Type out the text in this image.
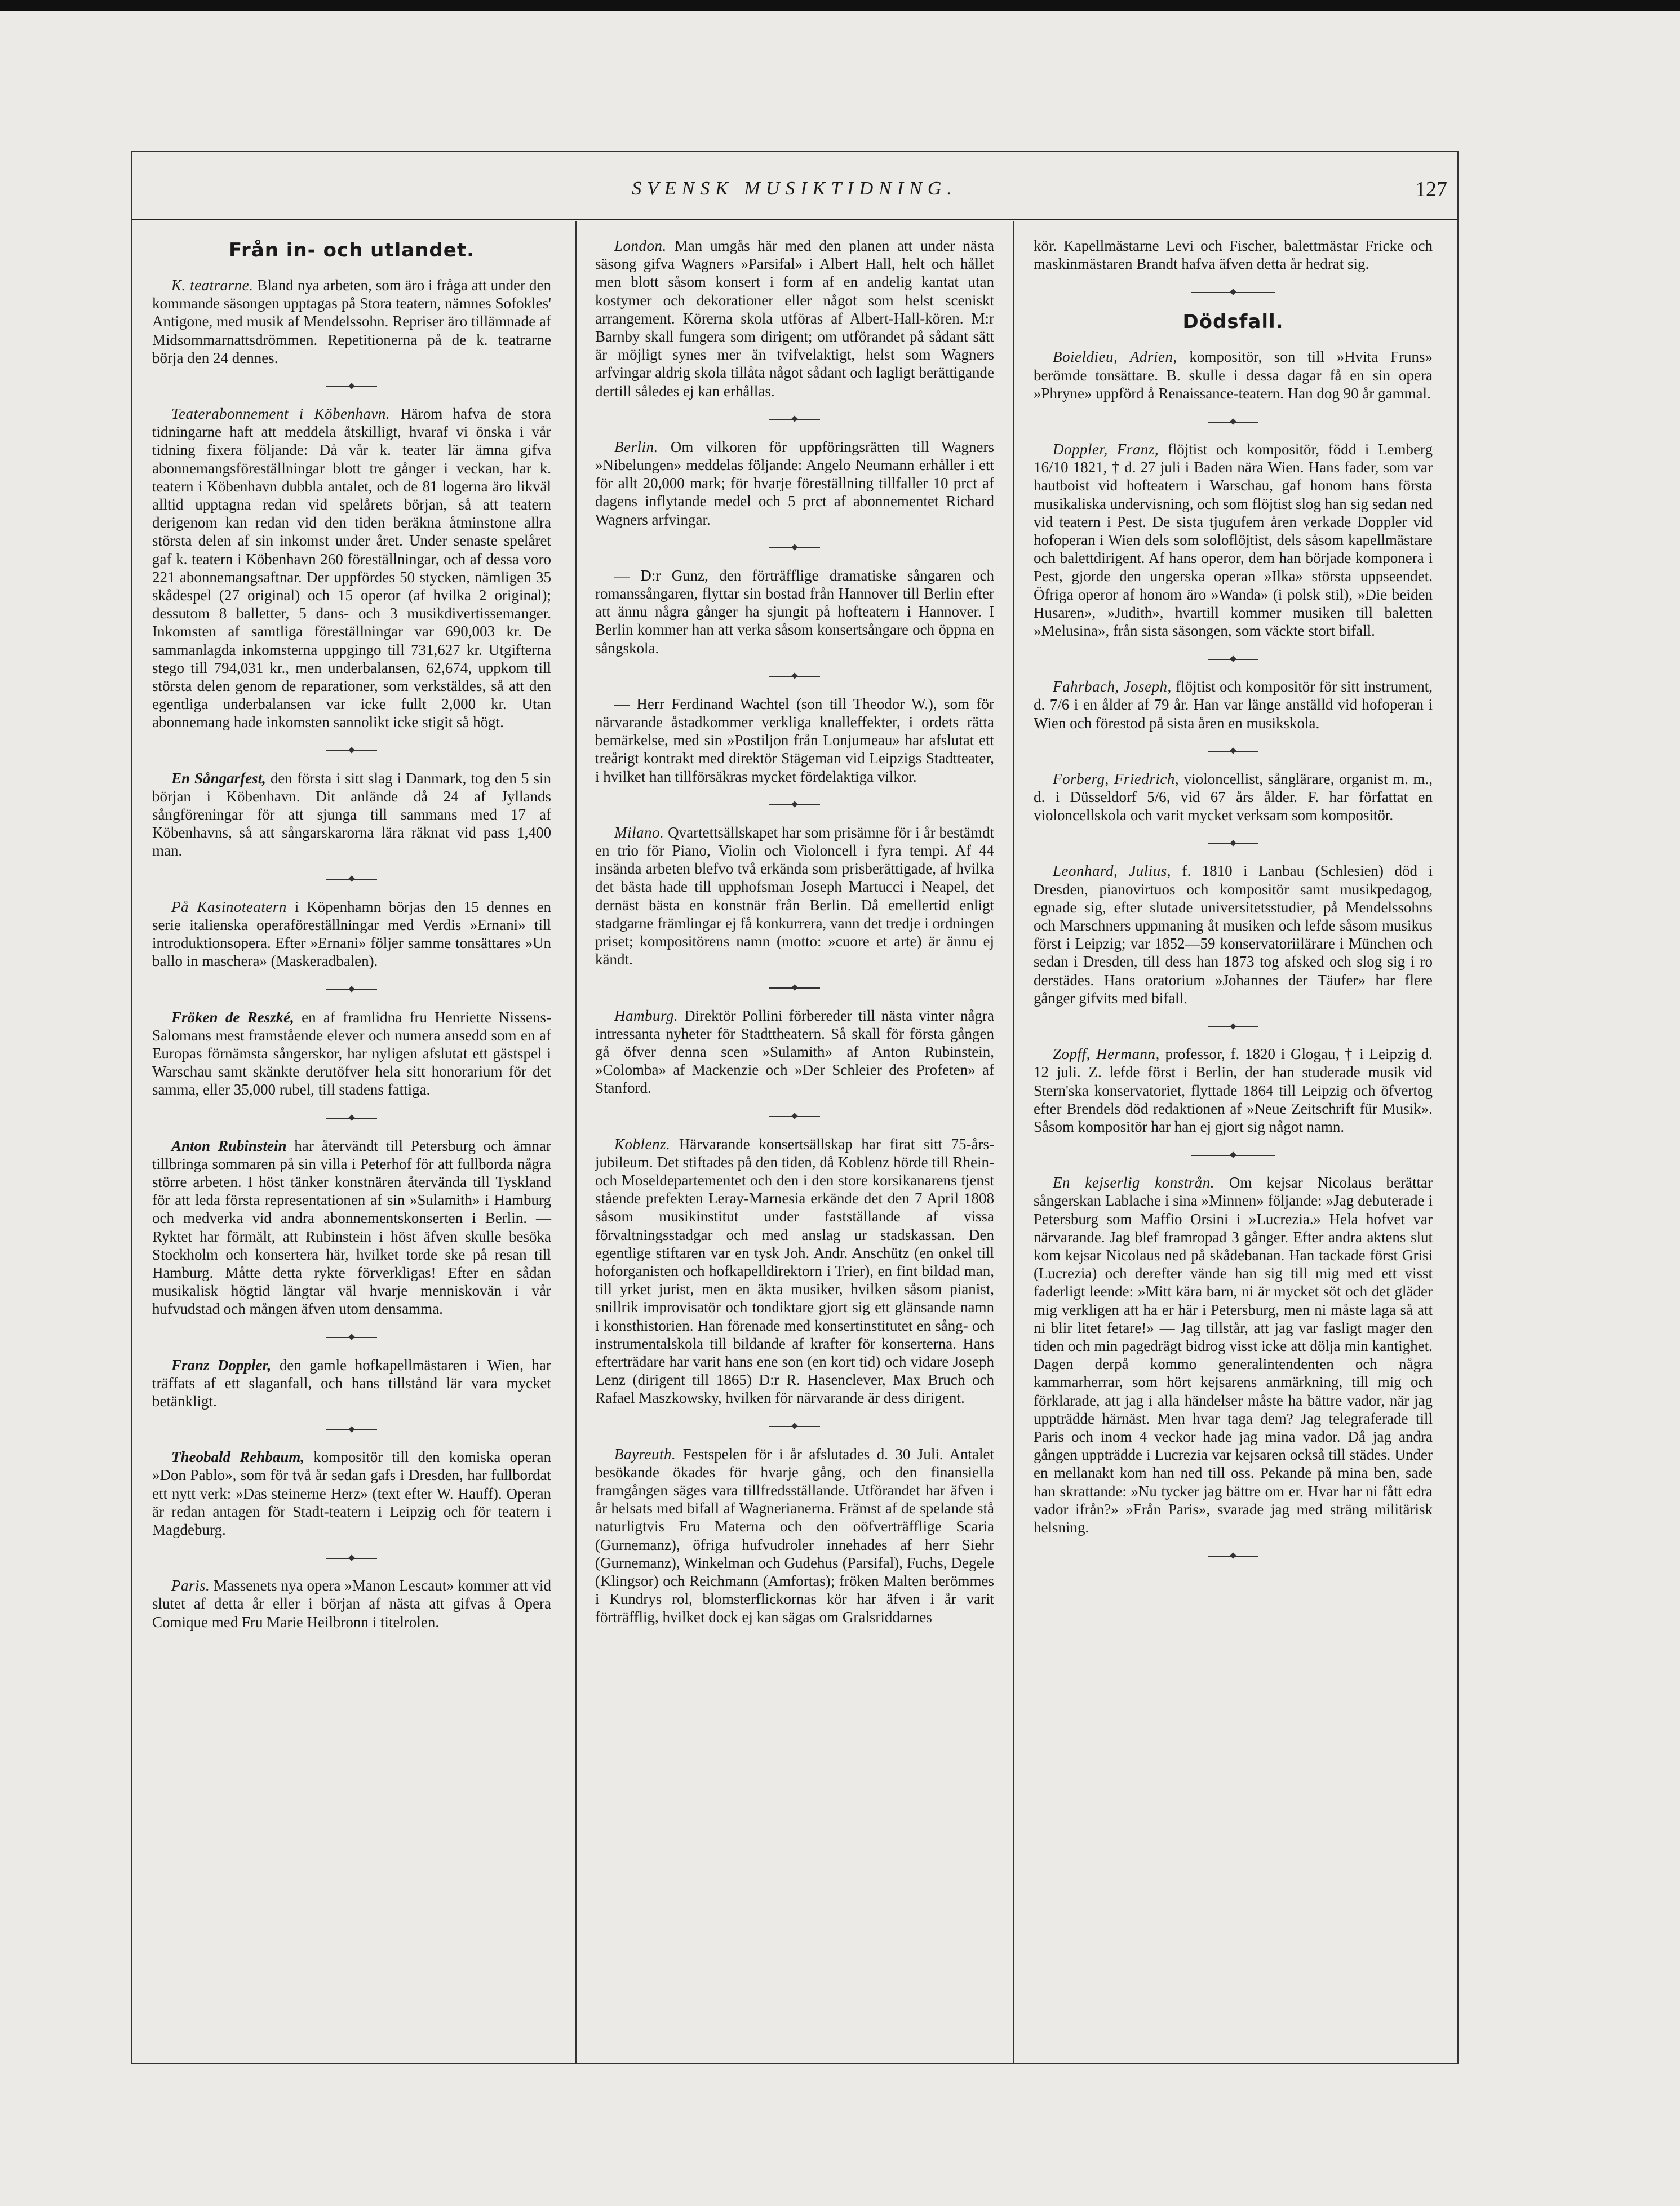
SVENSK MUSIKTIDNING.	127
Från in- och utlandet.

K. teatrarne. Bland nya arbeten, som äro i fråga att under den kommande säsongen upptagas på Stora teatern, nämnes Sofokles' Antigone, med musik af Mendelssohn. Repriser äro tillämnade af Midsommarnattsdrömmen. Repetitionerna på de k. teatrarne börja den 24 dennes.

Teaterabonnement i Köbenhavn. Härom hafva de stora tidningarne haft att meddela åtskilligt, hvaraf vi önska i vår tidning fixera följande: Då vår k. teater lär ämna gifva abonnemangsföreställningar blott tre gånger i veckan, har k. teatern i Köbenhavn dubbla antalet, och de 81 logerna äro likväl alltid upptagna redan vid spelårets början, så att teatern derigenom kan redan vid den tiden beräkna åtminstone allra största delen af sin inkomst under året. Under senaste spelåret gaf k. teatern i Köbenhavn 260 föreställningar, och af dessa voro 221 abonnemangsaftnar. Der uppfördes 50 stycken, nämligen 35 skådespel (27 original) och 15 operor (af hvilka 2 original); dessutom 8 balletter, 5 dans- och 3 musikdivertissemanger. Inkomsten af samtliga föreställningar var 690,003 kr. De sammanlagda inkomsterna uppgingo till 731,627 kr. Utgifterna stego till 794,031 kr., men underbalansen, 62,674, uppkom till största delen genom de reparationer, som verkstäldes, så att den egentliga underbalansen var icke fullt 2,000 kr. Utan abonnemang hade inkomsten sannolikt icke stigit så högt.

En Sångarfest, den första i sitt slag i Danmark, tog den 5 sin början i Köbenhavn. Dit anlände då 24 af Jyllands sångföreningar för att sjunga till sammans med 17 af Köbenhavns, så att sångarskarorna lära räknat vid pass 1,400 man.

På Kasinoteatern i Köpenhamn börjas den 15 dennes en serie italienska operaföreställningar med Verdis »Ernani» till introduktionsopera. Efter »Ernani» följer samme tonsättares »Un ballo in maschera» (Maskeradbalen).

Fröken de Reszké, en af framlidna fru Henriette Nissens-Salomans mest framstående elever och numera ansedd som en af Europas förnämsta sångerskor, har nyligen afslutat ett gästspel i Warschau samt skänkte derutöfver hela sitt honorarium för det samma, eller 35,000 rubel, till stadens fattiga.

Anton Rubinstein har återvändt till Petersburg och ämnar tillbringa sommaren på sin villa i Peterhof för att fullborda några större arbeten. I höst tänker konstnären återvända till Tyskland för att leda första representationen af sin »Sulamith» i Hamburg och medverka vid andra abonnementskonserten i Berlin. — Ryktet har förmält, att Rubinstein i höst äfven skulle besöka Stockholm och konsertera här, hvilket torde ske på resan till Hamburg. Måtte detta rykte förverkligas! Efter en sådan musikalisk högtid längtar väl hvarje menniskovän i vår hufvudstad och mången äfven utom densamma.

Franz Doppler, den gamle hofkapellmästaren i Wien, har träffats af ett slaganfall, och hans tillstånd lär vara mycket betänkligt.

Theobald Rehbaum, kompositör till den komiska operan »Don Pablo», som för två år sedan gafs i Dresden, har fullbordat ett nytt verk: »Das steinerne Herz» (text efter W. Hauff). Operan är redan antagen för Stadt-teatern i Leipzig och för teatern i Magdeburg.

Paris. Massenets nya opera »Manon Lescaut» kommer att vid slutet af detta år eller i början af nästa att gifvas å Opera Comique med Fru Marie Heilbronn i titelrolen.

London. Man umgås här med den planen att under nästa säsong gifva Wagners »Parsifal» i Albert Hall, helt och hållet men blott såsom konsert i form af en andelig kantat utan kostymer och dekorationer eller något som helst sceniskt arrangement. Körerna skola utföras af Albert-Hall-kören. M:r Barnby skall fungera som dirigent; om utförandet på sådant sätt är möjligt synes mer än tvifvelaktigt, helst som Wagners arfvingar aldrig skola tillåta något sådant och lagligt berättigande dertill således ej kan erhållas.

Berlin. Om vilkoren för uppföringsrätten till Wagners »Nibelungen» meddelas följande: Angelo Neumann erhåller i ett för allt 20,000 mark; för hvarje föreställning tillfaller 10 prct af dagens inflytande medel och 5 prct af abonnementet Richard Wagners arfvingar.

— D:r Gunz, den förträfflige dramatiske sångaren och romanssångaren, flyttar sin bostad från Hannover till Berlin efter att ännu några gånger ha sjungit på hofteatern i Hannover. I Berlin kommer han att verka såsom konsertsångare och öppna en sångskola.

— Herr Ferdinand Wachtel (son till Theodor W.), som för närvarande åstadkommer verkliga knalleffekter, i ordets rätta bemärkelse, med sin »Postiljon från Lonjumeau» har afslutat ett treårigt kontrakt med direktör Stägeman vid Leipzigs Stadtteater, i hvilket han tillförsäkras mycket fördelaktiga vilkor.

Milano. Qvartettsällskapet har som prisämne för i år bestämdt en trio för Piano, Violin och Violoncell i fyra tempi. Af 44 insända arbeten blefvo två erkända som prisberättigade, af hvilka det bästa hade till upphofsman Joseph Martucci i Neapel, det dernäst bästa en konstnär från Berlin. Då emellertid enligt stadgarne främlingar ej få konkurrera, vann det tredje i ordningen priset; kompositörens namn (motto: »cuore et arte) är ännu ej kändt.

Hamburg. Direktör Pollini förbereder till nästa vinter några intressanta nyheter för Stadttheatern. Så skall för första gången gå öfver denna scen »Sulamith» af Anton Rubinstein, »Colomba» af Mackenzie och »Der Schleier des Profeten» af Stanford.

Koblenz. Härvarande konsertsällskap har firat sitt 75-års-jubileum. Det stiftades på den tiden, då Koblenz hörde till Rhein- och Moseldepartementet och den i den store korsikanarens tjenst stående prefekten Leray-Marnesia erkände det den 7 April 1808 såsom musikinstitut under fastställande af vissa förvaltningsstadgar och med anslag ur stadskassan. Den egentlige stiftaren var en tysk Joh. Andr. Anschütz (en onkel till hoforganisten och hofkapelldirektorn i Trier), en fint bildad man, till yrket jurist, men en äkta musiker, hvilken såsom pianist, snillrik improvisatör och tondiktare gjort sig ett glänsande namn i konsthistorien. Han förenade med konsertinstitutet en sång- och instrumentalskola till bildande af krafter för konserterna. Hans efterträdare har varit hans ene son (en kort tid) och vidare Joseph Lenz (dirigent till 1865) D:r R. Hasenclever, Max Bruch och Rafael Maszkowsky, hvilken för närvarande är dess dirigent.

Bayreuth. Festspelen för i år afslutades d. 30 Juli. Antalet besökande ökades för hvarje gång, och den finansiella framgången säges vara tillfredsställande. Utförandet har äfven i år helsats med bifall af Wagnerianerna. Främst af de spelande stå naturligtvis Fru Materna och den oöfverträfflige Scaria (Gurnemanz), öfriga hufvudroler innehades af herr Siehr (Gurnemanz), Winkelman och Gudehus (Parsifal), Fuchs, Degele (Klingsor) och Reichmann (Amfortas); fröken Malten berömmes i Kundrys rol, blomsterflickornas kör har äfven i år varit förträfflig, hvilket dock ej kan sägas om Gralsriddarnes

kör. Kapellmästarne Levi och Fischer, balettmästar Fricke och maskinmästaren Brandt hafva äfven detta år hedrat sig.

Dödsfall.

Boieldieu, Adrien, kompositör, son till »Hvita Fruns» berömde tonsättare. B. skulle i dessa dagar få en sin opera »Phryne» uppförd å Renaissance-teatern. Han dog 90 år gammal.

Doppler, Franz, flöjtist och kompositör, född i Lemberg 16/10 1821, † d. 27 juli i Baden nära Wien. Hans fader, som var hautboist vid hofteatern i Warschau, gaf honom hans första musikaliska undervisning, och som flöjtist slog han sig sedan ned vid teatern i Pest. De sista tjugufem åren verkade Doppler vid hofoperan i Wien dels som soloflöjtist, dels såsom kapellmästare och balettdirigent. Af hans operor, dem han började komponera i Pest, gjorde den ungerska operan »Ilka» största uppseendet. Öfriga operor af honom äro »Wanda» (i polsk stil), »Die beiden Husaren», »Judith», hvartill kommer musiken till baletten »Melusina», från sista säsongen, som väckte stort bifall.

Fahrbach, Joseph, flöjtist och kompositör för sitt instrument, d. 7/6 i en ålder af 79 år. Han var länge anställd vid hofoperan i Wien och förestod på sista åren en musikskola.

Forberg, Friedrich, violoncellist, sånglärare, organist m. m., d. i Düsseldorf 5/6, vid 67 års ålder. F. har författat en violoncellskola och varit mycket verksam som kompositör.

Leonhard, Julius, f. 1810 i Lanbau (Schlesien) död i Dresden, pianovirtuos och kompositör samt musikpedagog, egnade sig, efter slutade universitetsstudier, på Mendelssohns och Marschners uppmaning åt musiken och lefde såsom musikus först i Leipzig; var 1852—59 konservatoriilärare i München och sedan i Dresden, till dess han 1873 tog afsked och slog sig i ro derstädes. Hans oratorium »Johannes der Täufer» har flere gånger gifvits med bifall.

Zopff, Hermann, professor, f. 1820 i Glogau, † i Leipzig d. 12 juli. Z. lefde först i Berlin, der han studerade musik vid Stern'ska konservatoriet, flyttade 1864 till Leipzig och öfvertog efter Brendels död redaktionen af »Neue Zeitschrift für Musik». Såsom kompositör har han ej gjort sig något namn.

En kejserlig konstrån. Om kejsar Nicolaus berättar sångerskan Lablache i sina »Minnen» följande: »Jag debuterade i Petersburg som Maffio Orsini i »Lucrezia.» Hela hofvet var närvarande. Jag blef framropad 3 gånger. Efter andra aktens slut kom kejsar Nicolaus ned på skådebanan. Han tackade först Grisi (Lucrezia) och derefter vände han sig till mig med ett visst faderligt leende: »Mitt kära barn, ni är mycket söt och det gläder mig verkligen att ha er här i Petersburg, men ni måste laga så att ni blir litet fetare!» — Jag tillstår, att jag var fasligt mager den tiden och min pagedrägt bidrog visst icke att dölja min kantighet. Dagen derpå kommo generalintendenten och några kammarherrar, som hört kejsarens anmärkning, till mig och förklarade, att jag i alla händelser måste ha bättre vador, när jag uppträdde härnäst. Men hvar taga dem? Jag telegraferade till Paris och inom 4 veckor hade jag mina vador. Då jag andra gången uppträdde i Lucrezia var kejsaren också till städes. Under en mellanakt kom han ned till oss. Pekande på mina ben, sade han skrattande: »Nu tycker jag bättre om er. Hvar har ni fått edra vador ifrån?» »Från Paris», svarade jag med sträng militärisk helsning.
